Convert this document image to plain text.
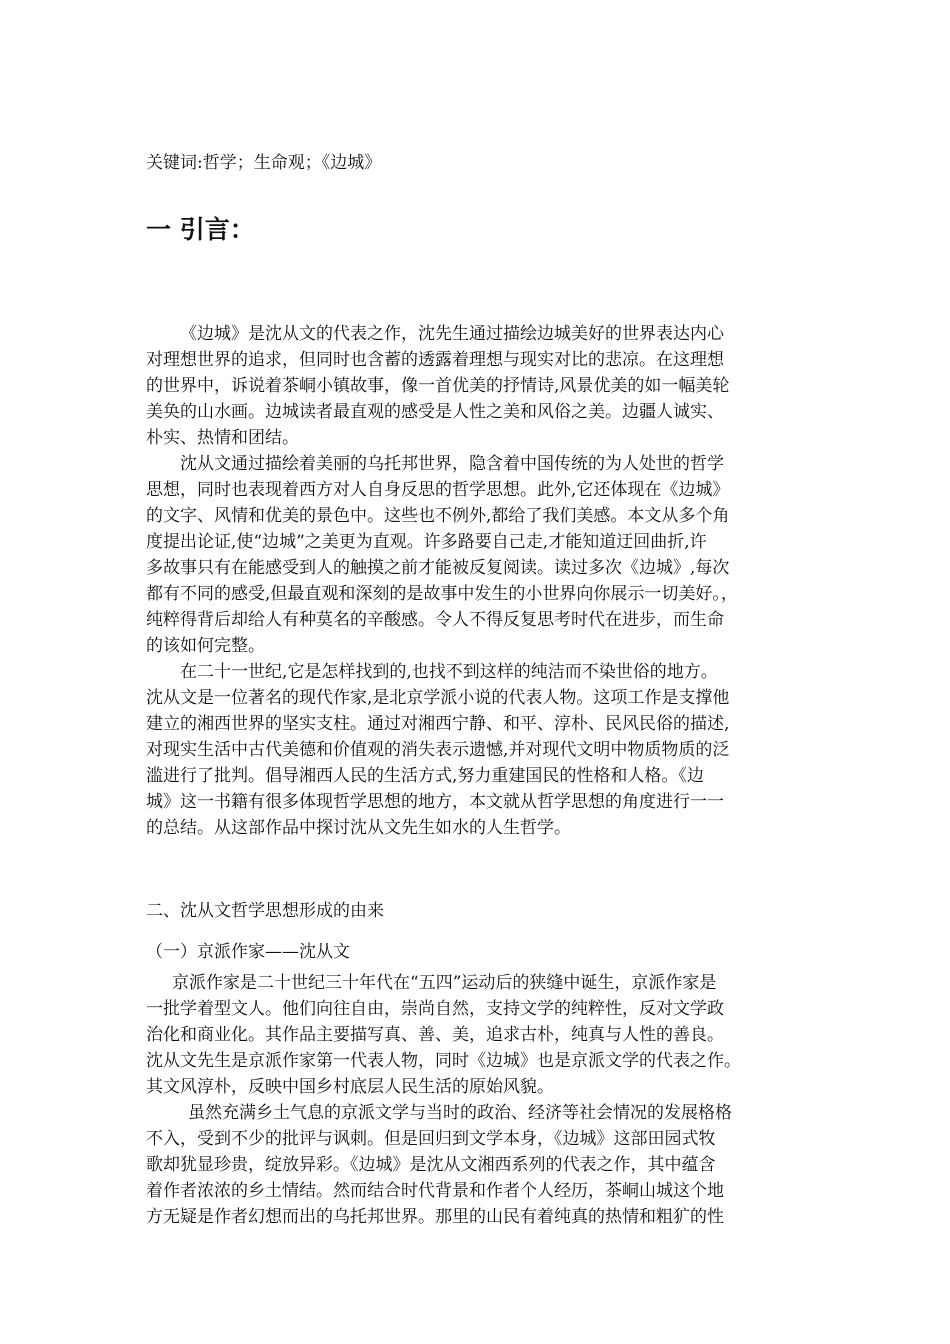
关键词:哲学；生命观；《边城》
一 引言：
《边城》是沈从文的代表之作，沈先生通过描绘边城美好的世界表达内心
对理想世界的追求，但同时也含蓄的透露着理想与现实对比的悲凉。在这理想
的世界中，诉说着茶峒小镇故事，像一首优美的抒情诗,风景优美的如一幅美轮
美奂的山水画。边城读者最直观的感受是人性之美和风俗之美。边疆人诚实、
朴实、热情和团结。
沈从文通过描绘着美丽的乌托邦世界，隐含着中国传统的为人处世的哲学
思想，同时也表现着西方对人自身反思的哲学思想。此外,它还体现在《边城》
的文字、风情和优美的景色中。这些也不例外,都给了我们美感。本文从多个角
度提出论证,使“边城”之美更为直观。许多路要自己走,才能知道迂回曲折,许
多故事只有在能感受到人的触摸之前才能被反复阅读。读过多次《边城》,每次
都有不同的感受,但最直观和深刻的是故事中发生的小世界向你展示一切美好。，
纯粹得背后却给人有种莫名的辛酸感。令人不得反复思考时代在进步，而生命
的该如何完整。
在二十一世纪,它是怎样找到的,也找不到这样的纯洁而不染世俗的地方。
沈从文是一位著名的现代作家,是北京学派小说的代表人物。这项工作是支撑他
建立的湘西世界的坚实支柱。通过对湘西宁静、和平、淳朴、民风民俗的描述,
对现实生活中古代美德和价值观的消失表示遗憾,并对现代文明中物质物质的泛
滥进行了批判。倡导湘西人民的生活方式,努力重建国民的性格和人格。《边
城》这一书籍有很多体现哲学思想的地方，本文就从哲学思想的角度进行一一
的总结。从这部作品中探讨沈从文先生如水的人生哲学。
二、沈从文哲学思想形成的由来
（一）京派作家——沈从文
京派作家是二十世纪三十年代在“五四”运动后的狭缝中诞生，京派作家是
一批学着型文人。他们向往自由，崇尚自然，支持文学的纯粹性，反对文学政
治化和商业化。其作品主要描写真、善、美，追求古朴，纯真与人性的善良。
沈从文先生是京派作家第一代表人物，同时《边城》也是京派文学的代表之作。
其文风淳朴，反映中国乡村底层人民生活的原始风貌。
虽然充满乡土气息的京派文学与当时的政治、经济等社会情况的发展格格
不入，受到不少的批评与讽刺。但是回归到文学本身，《边城》这部田园式牧
歌却犹显珍贵，绽放异彩。《边城》是沈从文湘西系列的代表之作，其中蕴含
着作者浓浓的乡土情结。然而结合时代背景和作者个人经历，茶峒山城这个地
方无疑是作者幻想而出的乌托邦世界。那里的山民有着纯真的热情和粗犷的性
